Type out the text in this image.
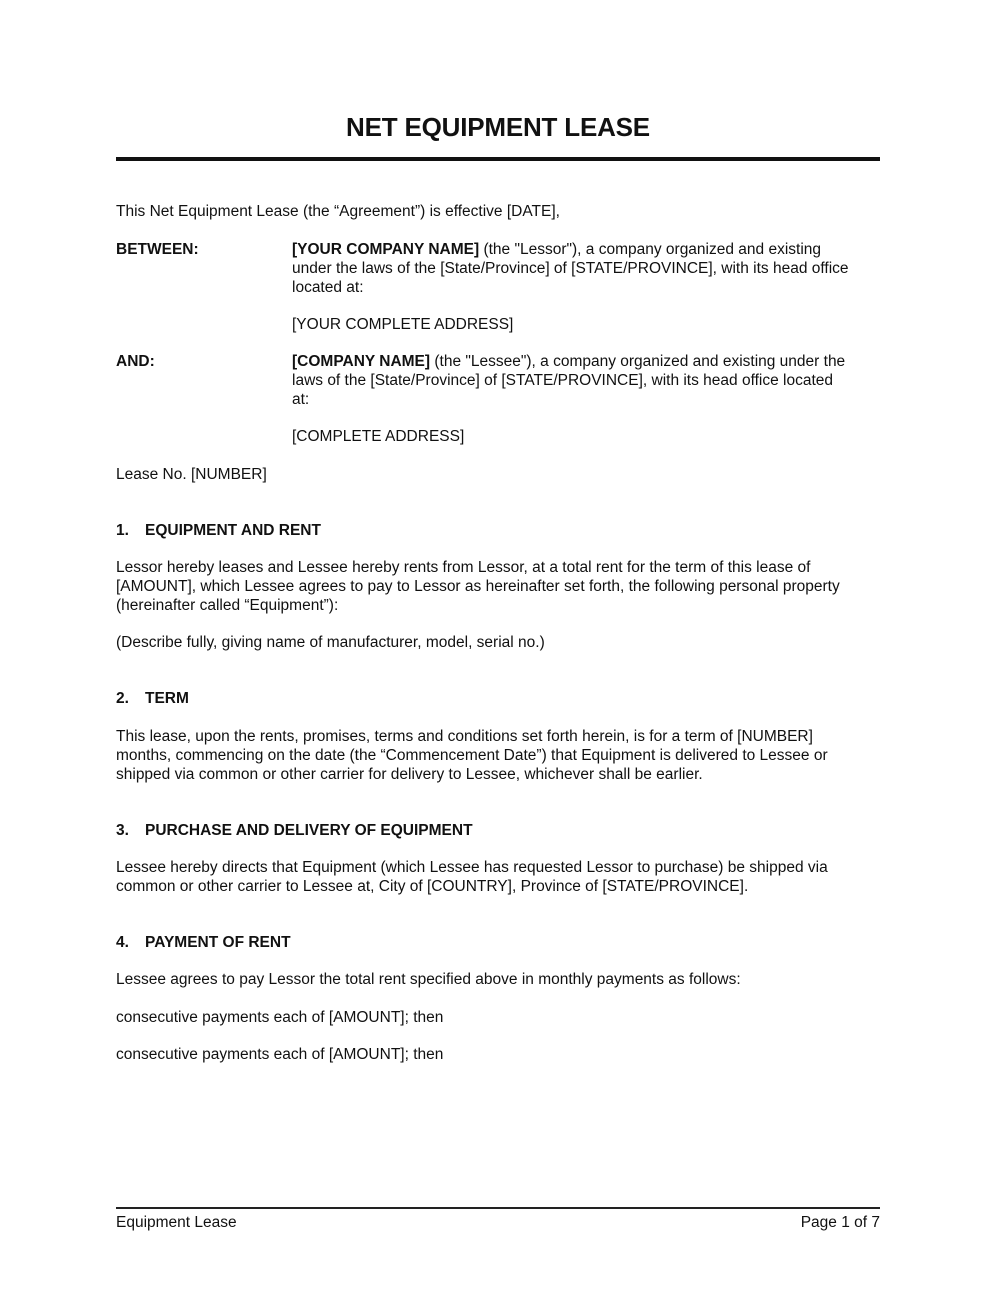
NET EQUIPMENT LEASE
This Net Equipment Lease (the “Agreement”) is effective [DATE],
BETWEEN:	[YOUR COMPANY NAME] (the "Lessor"), a company organized and existing
under the laws of the [State/Province] of [STATE/PROVINCE], with its head office
located at:
[YOUR COMPLETE ADDRESS]
AND:	[COMPANY NAME] (the "Lessee"), a company organized and existing under the
laws of the [State/Province] of [STATE/PROVINCE], with its head office located
at:
[COMPLETE ADDRESS]
Lease No. [NUMBER]
1. EQUIPMENT AND RENT
Lessor hereby leases and Lessee hereby rents from Lessor, at a total rent for the term of this lease of
[AMOUNT], which Lessee agrees to pay to Lessor as hereinafter set forth, the following personal property
(hereinafter called “Equipment”):
(Describe fully, giving name of manufacturer, model, serial no.)
2. TERM
This lease, upon the rents, promises, terms and conditions set forth herein, is for a term of [NUMBER]
months, commencing on the date (the “Commencement Date”) that Equipment is delivered to Lessee or
shipped via common or other carrier for delivery to Lessee, whichever shall be earlier.
3. PURCHASE AND DELIVERY OF EQUIPMENT
Lessee hereby directs that Equipment (which Lessee has requested Lessor to purchase) be shipped via
common or other carrier to Lessee at, City of [COUNTRY], Province of [STATE/PROVINCE].
4. PAYMENT OF RENT
Lessee agrees to pay Lessor the total rent specified above in monthly payments as follows:
consecutive payments each of [AMOUNT]; then
consecutive payments each of [AMOUNT]; then
Equipment Lease	Page 1 of 7
